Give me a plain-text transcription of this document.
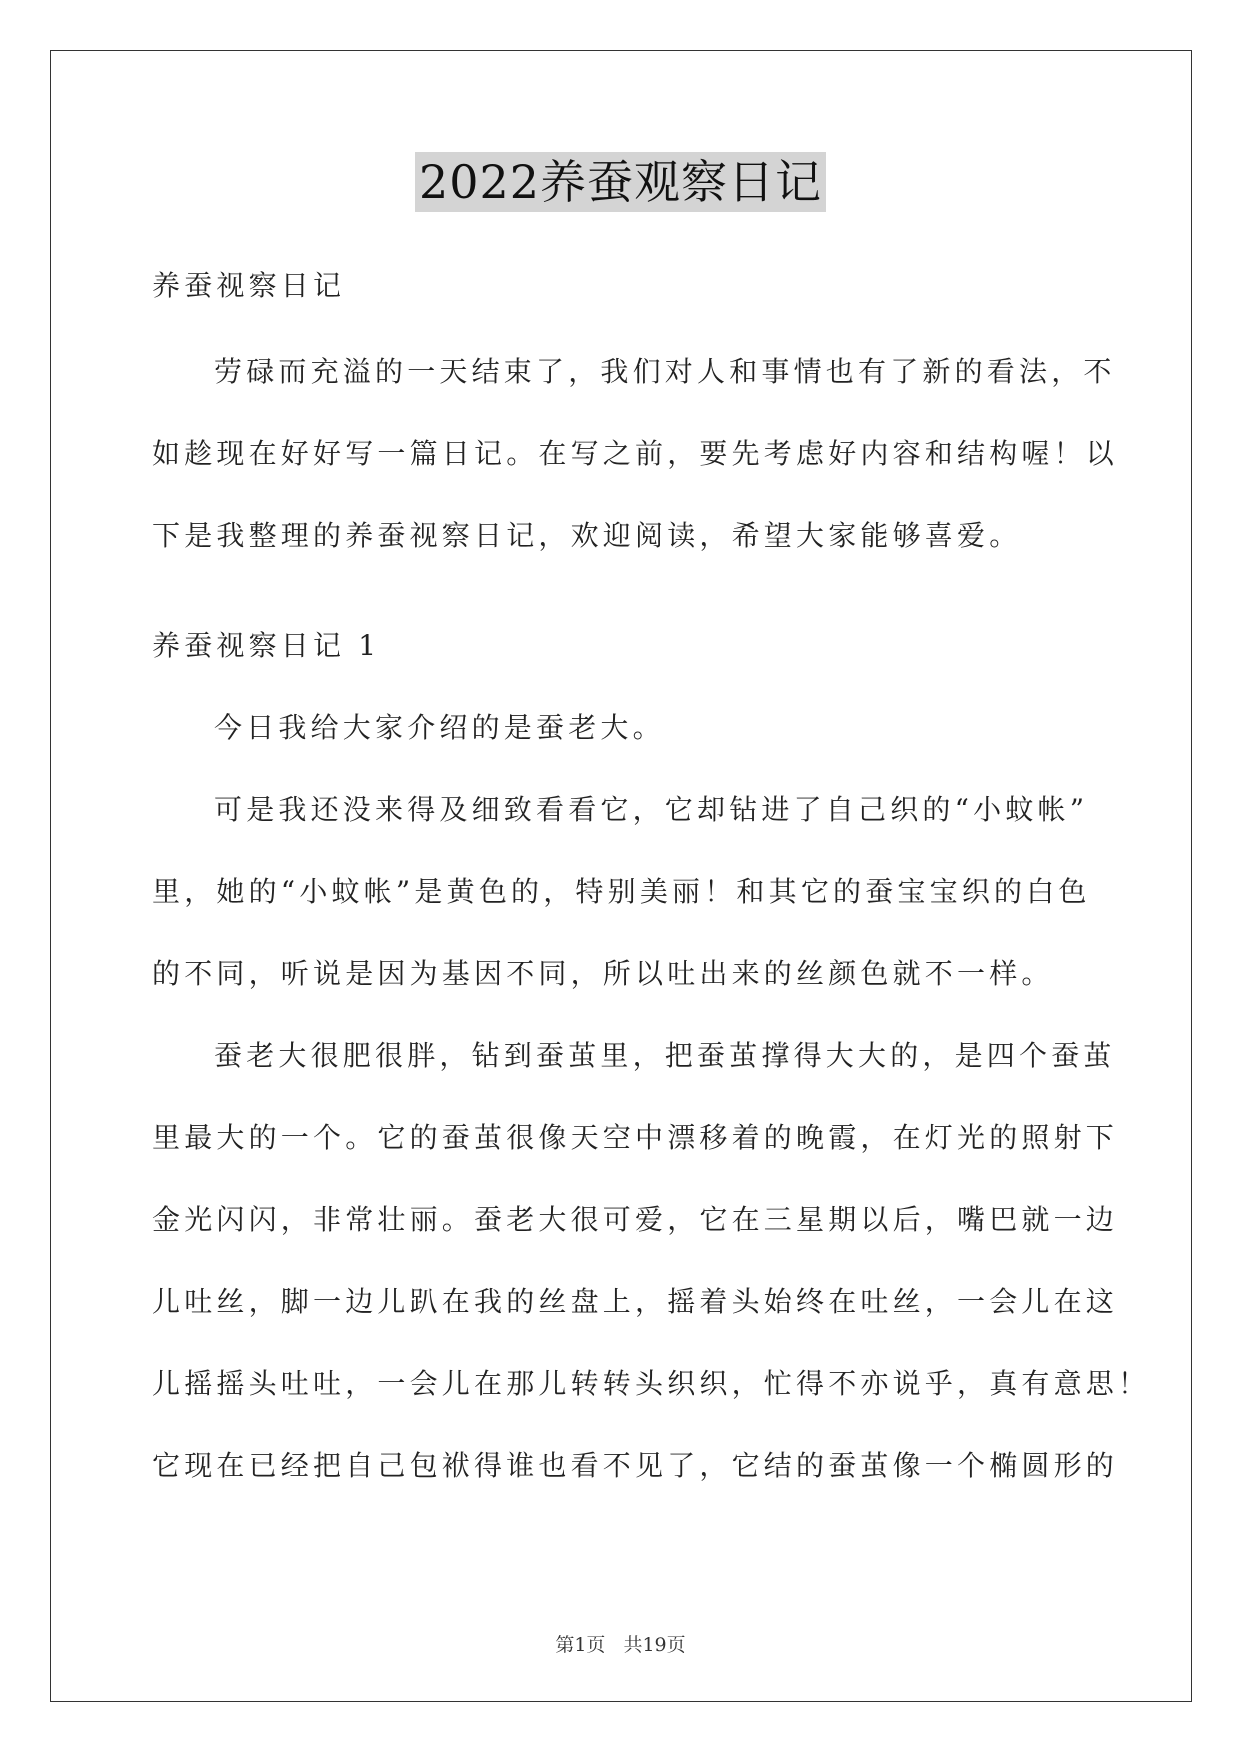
2022养蚕观察日记
养蚕视察日记
劳碌而充溢的一天结束了，我们对人和事情也有了新的看法，不
如趁现在好好写一篇日记。在写之前，要先考虑好内容和结构喔！以
下是我整理的养蚕视察日记，欢迎阅读，希望大家能够喜爱。
养蚕视察日记 1
今日我给大家介绍的是蚕老大。
可是我还没来得及细致看看它，它却钻进了自己织的“小蚊帐”
里，她的“小蚊帐”是黄色的，特别美丽！和其它的蚕宝宝织的白色
的不同，听说是因为基因不同，所以吐出来的丝颜色就不一样。
蚕老大很肥很胖，钻到蚕茧里，把蚕茧撑得大大的，是四个蚕茧
里最大的一个。它的蚕茧很像天空中漂移着的晚霞，在灯光的照射下
金光闪闪，非常壮丽。蚕老大很可爱，它在三星期以后，嘴巴就一边
儿吐丝，脚一边儿趴在我的丝盘上，摇着头始终在吐丝，一会儿在这
儿摇摇头吐吐，一会儿在那儿转转头织织，忙得不亦说乎，真有意思！
它现在已经把自己包袱得谁也看不见了，它结的蚕茧像一个椭圆形的
第1页 共19页
